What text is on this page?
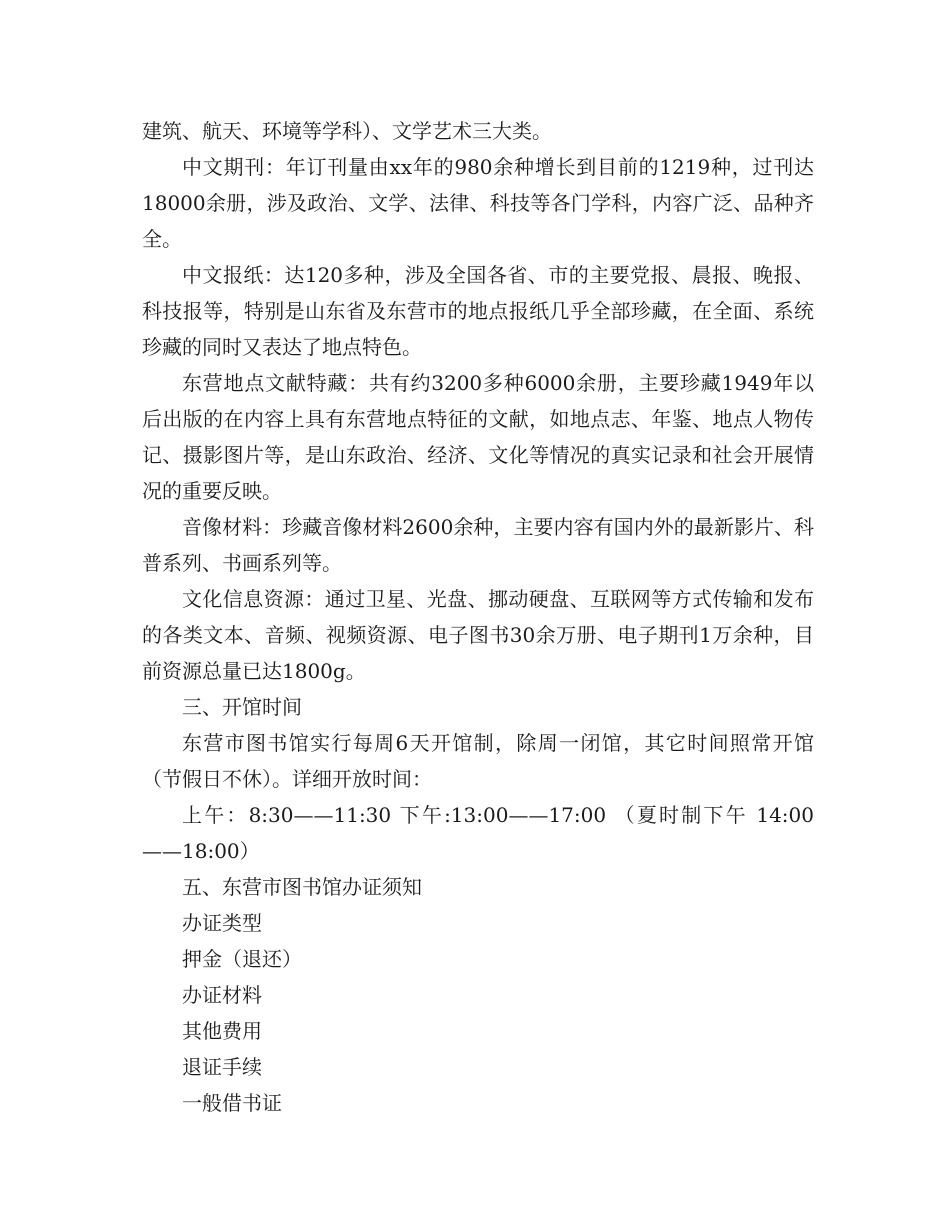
建筑、航天、环境等学科）、文学艺术三大类。

中文期刊：年订刊量由xx年的980余种增长到目前的1219种，过刊达18000余册，涉及政治、文学、法律、科技等各门学科，内容广泛、品种齐全。

中文报纸：达120多种，涉及全国各省、市的主要党报、晨报、晚报、科技报等，特别是山东省及东营市的地点报纸几乎全部珍藏，在全面、系统珍藏的同时又表达了地点特色。

东营地点文献特藏：共有约3200多种6000余册，主要珍藏1949年以后出版的在内容上具有东营地点特征的文献，如地点志、年鉴、地点人物传记、摄影图片等，是山东政治、经济、文化等情况的真实记录和社会开展情况的重要反映。

音像材料：珍藏音像材料2600余种，主要内容有国内外的最新影片、科普系列、书画系列等。

文化信息资源：通过卫星、光盘、挪动硬盘、互联网等方式传输和发布的各类文本、音频、视频资源、电子图书30余万册、电子期刊1万余种，目前资源总量已达1800g。

三、开馆时间

东营市图书馆实行每周6天开馆制，除周一闭馆，其它时间照常开馆（节假日不休）。详细开放时间：

上午：8:30——11:30 下午:13:00——17:00 （夏时制下午 14:00——18:00）

五、东营市图书馆办证须知

办证类型

押金（退还）

办证材料

其他费用

退证手续

一般借书证
